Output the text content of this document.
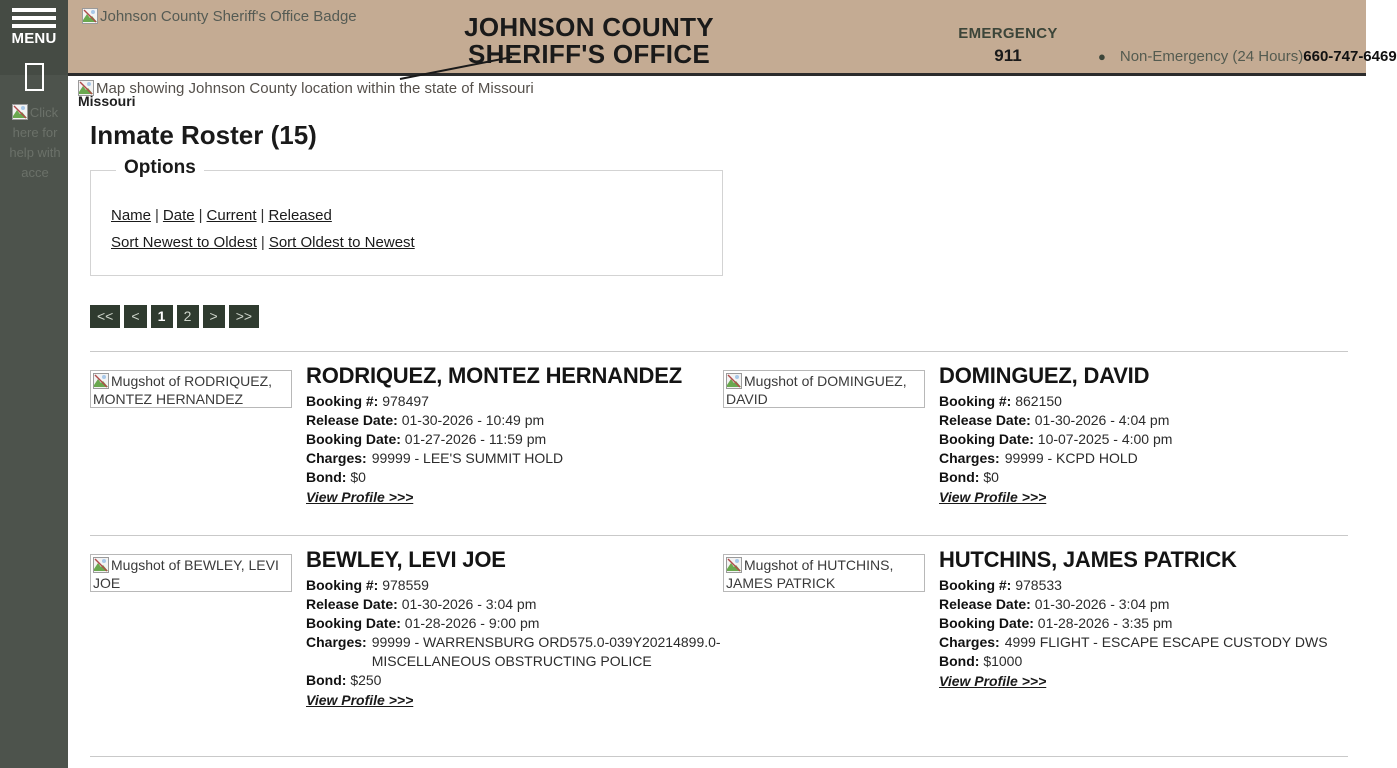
MENU
Click here for help with acce
Johnson County Sheriff's Office Badge	JOHNSON COUNTY
SHERIFF'S OFFICE
EMERGENCY
911	● Non-Emergency (24 Hours)660-747-6469
Map showing Johnson County location within the state of Missouri
Missouri
Inmate Roster (15)
Options
Name | Date | Current | Released
Sort Newest to Oldest | Sort Oldest to Newest
<<	<	1	2	>	>>
Mugshot of RODRIQUEZ, MONTEZ HERNANDEZ
RODRIQUEZ, MONTEZ HERNANDEZ
Booking #: 978497
Release Date: 01-30-2026 - 10:49 pm
Booking Date: 01-27-2026 - 11:59 pm
Charges: 99999 - LEE'S SUMMIT HOLD
Bond: $0
View Profile >>>
Mugshot of DOMINGUEZ, DAVID
DOMINGUEZ, DAVID
Booking #: 862150
Release Date: 01-30-2026 - 4:04 pm
Booking Date: 10-07-2025 - 4:00 pm
Charges: 99999 - KCPD HOLD
Bond: $0
View Profile >>>
Mugshot of BEWLEY, LEVI JOE
BEWLEY, LEVI JOE
Booking #: 978559
Release Date: 01-30-2026 - 3:04 pm
Booking Date: 01-28-2026 - 9:00 pm
Charges: 99999 - WARRENSBURG ORD575.0-039Y20214899.0- MISCELLANEOUS OBSTRUCTING POLICE
Bond: $250
View Profile >>>
Mugshot of HUTCHINS, JAMES PATRICK
HUTCHINS, JAMES PATRICK
Booking #: 978533
Release Date: 01-30-2026 - 3:04 pm
Booking Date: 01-28-2026 - 3:35 pm
Charges: 4999 FLIGHT - ESCAPE ESCAPE CUSTODY DWS
Bond: $1000
View Profile >>>
